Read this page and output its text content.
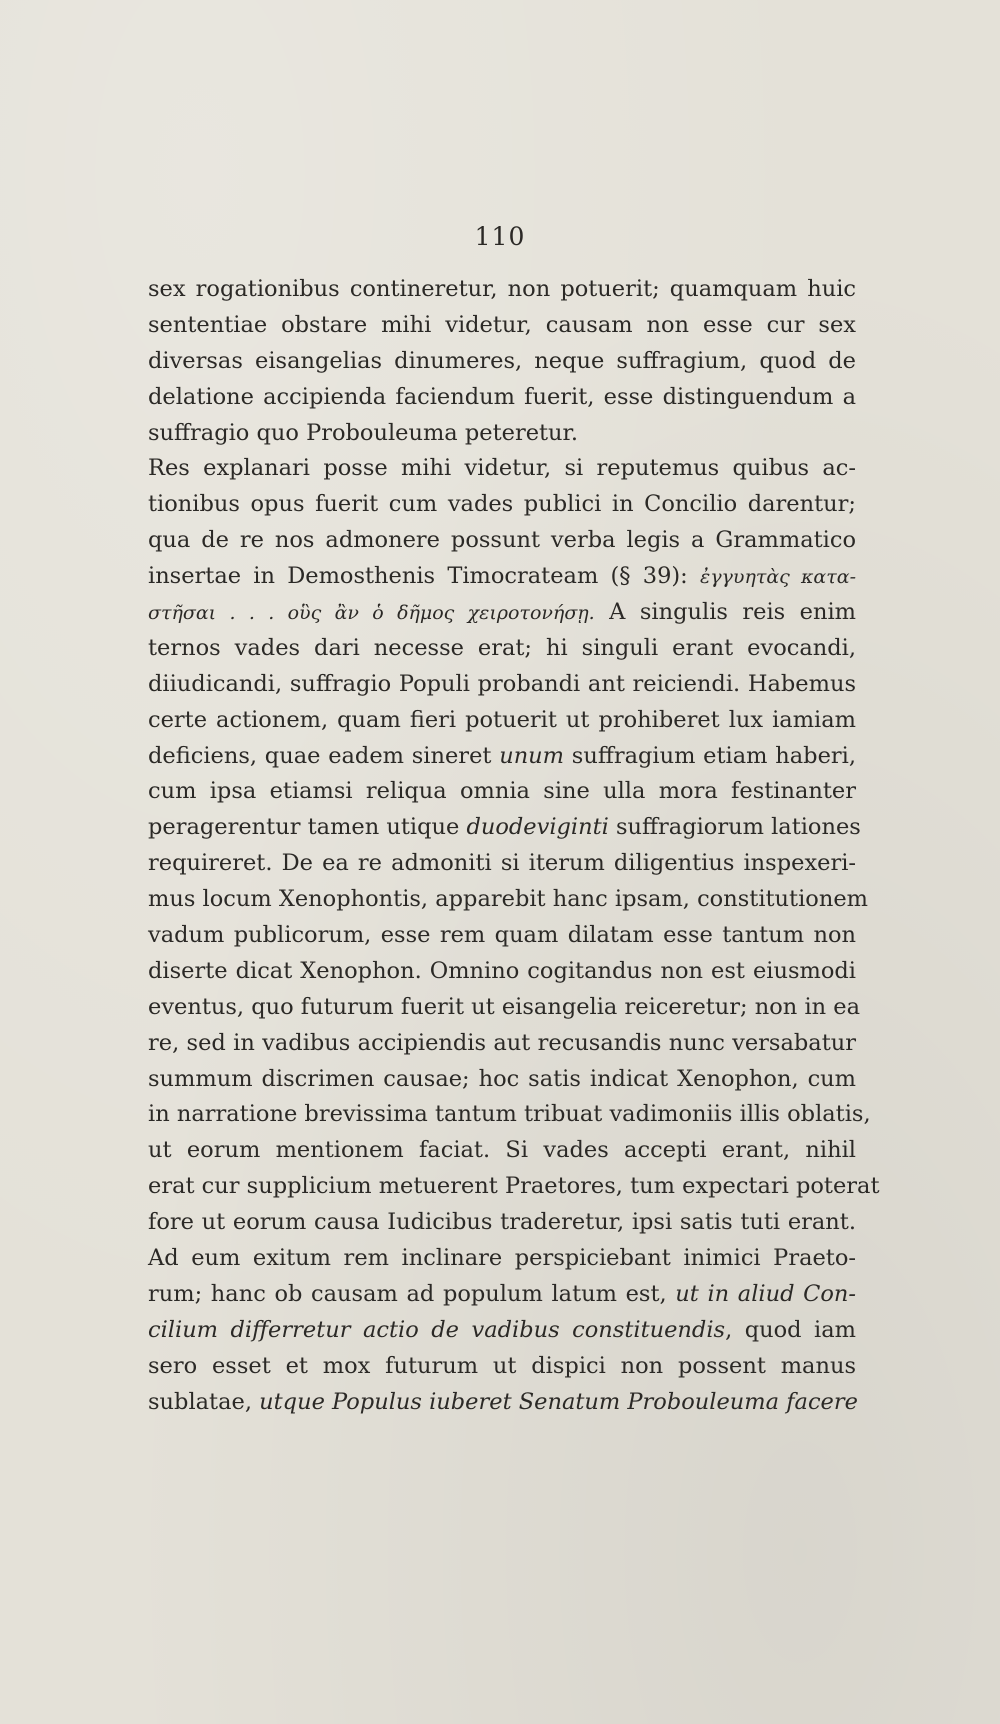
110
sex rogationibus contineretur, non potuerit; quamquam huic
sententiae obstare mihi videtur, causam non esse cur sex
diversas eisangelias dinumeres, neque suffragium, quod de
delatione accipienda faciendum fuerit, esse distinguendum a
suffragio quo Probouleuma peteretur.
Res explanari posse mihi videtur, si reputemus quibus ac-
tionibus opus fuerit cum vades publici in Concilio darentur;
qua de re nos admonere possunt verba legis a Grammatico
insertae in Demosthenis Timocrateam (§ 39): ἐγγυητὰς κατα-
στῆσαι . . . οὓς ἂν ὁ δῆμος χειροτονήσῃ. A singulis reis enim
ternos vades dari necesse erat; hi singuli erant evocandi,
diiudicandi, suffragio Populi probandi ant reiciendi. Habemus
certe actionem, quam fieri potuerit ut prohiberet lux iamiam
deficiens, quae eadem sineret unum suffragium etiam haberi,
cum ipsa etiamsi reliqua omnia sine ulla mora festinanter
peragerentur tamen utique duodeviginti suffragiorum lationes
requireret. De ea re admoniti si iterum diligentius inspexeri-
mus locum Xenophontis, apparebit hanc ipsam, constitutionem
vadum publicorum, esse rem quam dilatam esse tantum non
diserte dicat Xenophon. Omnino cogitandus non est eiusmodi
eventus, quo futurum fuerit ut eisangelia reiceretur; non in ea
re, sed in vadibus accipiendis aut recusandis nunc versabatur
summum discrimen causae; hoc satis indicat Xenophon, cum
in narratione brevissima tantum tribuat vadimoniis illis oblatis,
ut eorum mentionem faciat. Si vades accepti erant, nihil
erat cur supplicium metuerent Praetores, tum expectari poterat
fore ut eorum causa Iudicibus traderetur, ipsi satis tuti erant.
Ad eum exitum rem inclinare perspiciebant inimici Praeto-
rum; hanc ob causam ad populum latum est, ut in aliud Con-
cilium differretur actio de vadibus constituendis, quod iam
sero esset et mox futurum ut dispici non possent manus
sublatae, utque Populus iuberet Senatum Probouleuma facere
